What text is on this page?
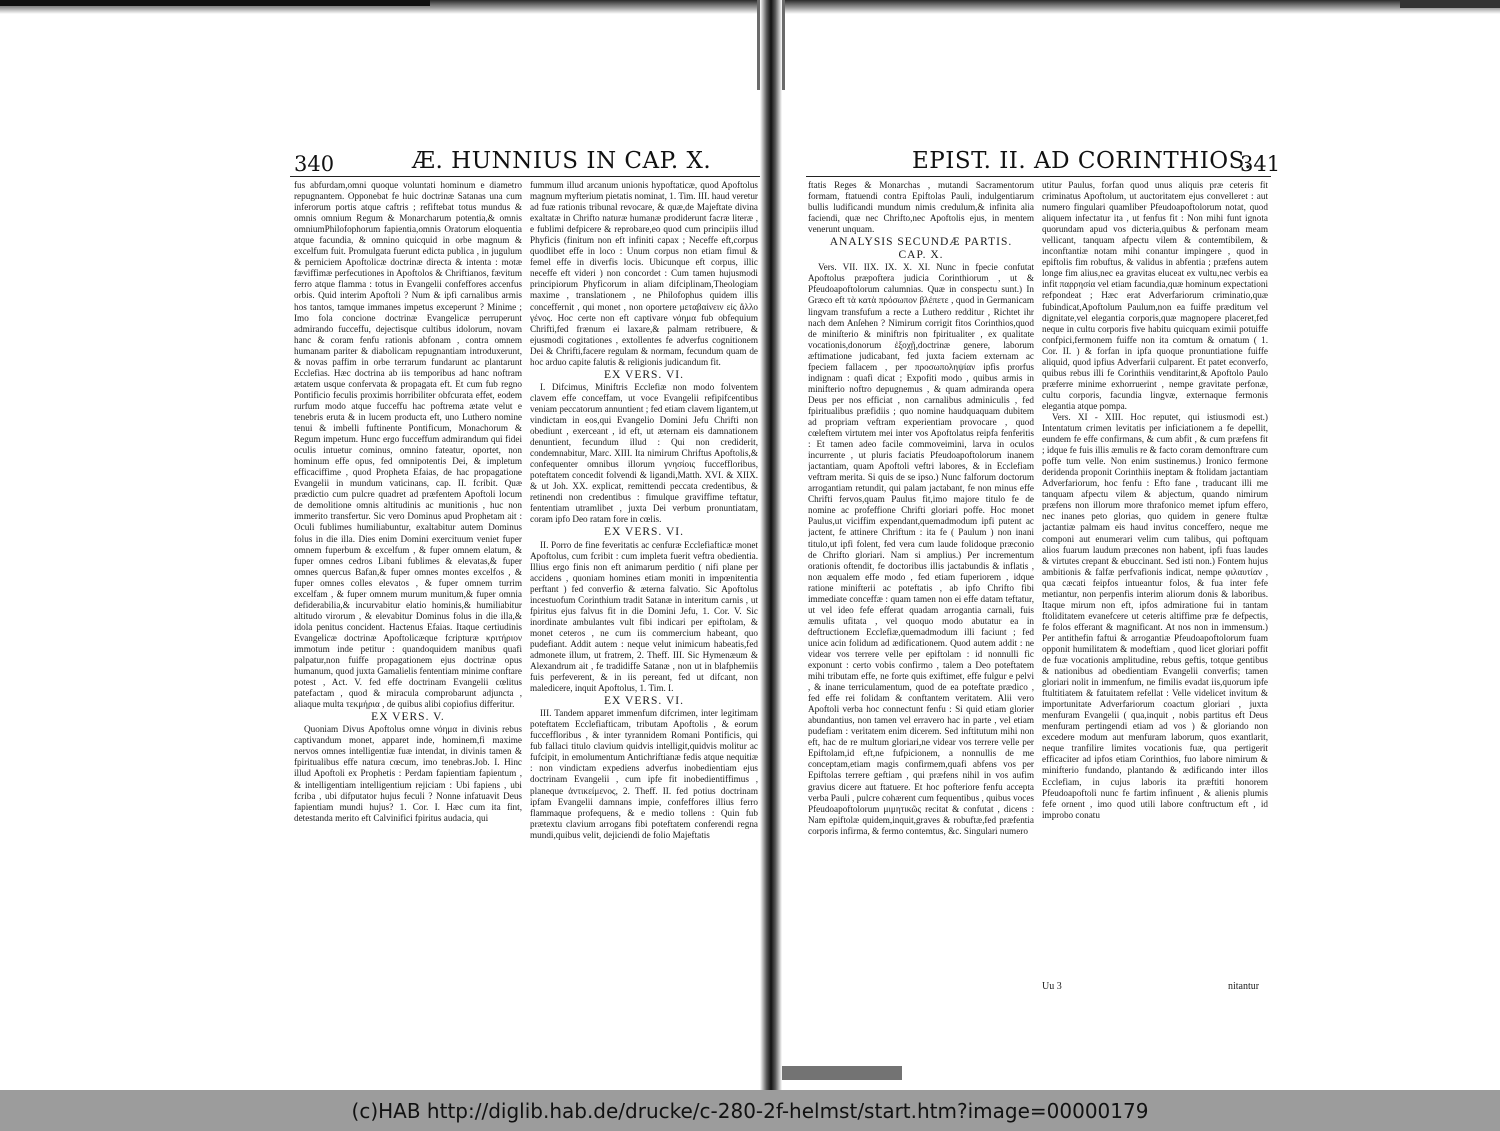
340	Æ. HUNNIUS IN CAP. X.

fus abfurdam,omni quoque voluntati hominum e diametro repugnantem. Opponebat fe huic doctrinæ Satanas una cum inferorum portis atque caftris ; refiftebat totus mundus & omnis omnium Regum & Monarcharum potentia,& omnis omniumPhilofophorum fapientia,omnis Oratorum eloquentia atque facundia, & omnino quicquid in orbe magnum & excelfum fuit. Promulgata fuerunt edicta publica , in jugulum & perniciem Apoftolicæ doctrinæ directa & intenta : motæ fæviffimæ perfecutiones in Apoftolos & Chriftianos, fævitum ferro atque flamma : totus in Evangelii confeffores accenfus orbis. Quid interim Apoftoli ? Num & ipfi carnalibus armis hos tantos, tamque immanes impetus exceperunt ? Minime ; Imo fola concione doctrinæ Evangelicæ perruperunt admirando fucceffu, dejectisque cultibus idolorum, novam hanc & coram fenfu rationis abfonam , contra omnem humanam pariter & diabolicam repugnantiam introduxerunt, & novas paffim in orbe terrarum fundarunt ac plantarunt Ecclefias. Hæc doctrina ab iis temporibus ad hanc noftram ætatem usque confervata & propagata eft. Et cum fub regno Pontificio feculis proximis horribiliter obfcurata effet, eodem rurfum modo atque fucceffu hac poftrema ætate velut e tenebris eruta & in lucem producta eft, uno Luthero nomine tenui & imbelli fuftinente Pontificum, Monachorum & Regum impetum. Hunc ergo fucceffum admirandum qui fidei oculis intuetur cominus, omnino fateatur, oportet, non hominum effe opus, fed omnipotentis Dei, & impletum efficaciffime , quod Propheta Efaias, de hac propagatione Evangelii in mundum vaticinans, cap. II. fcribit. Quæ prædictio cum pulcre quadret ad præfentem Apoftoli locum de demolitione omnis altitudinis ac munitionis , huc non immerito transfertur. Sic vero Dominus apud Prophetam ait : Oculi fublimes humiliabuntur, exaltabitur autem Dominus folus in die illa. Dies enim Domini exercituum veniet fuper omnem fuperbum & excelfum , & fuper omnem elatum, & fuper omnes cedros Libani fublimes & elevatas,& fuper omnes quercus Bafan,& fuper omnes montes excelfos , & fuper omnes colles elevatos , & fuper omnem turrim excelfam , & fuper omnem murum munitum,& fuper omnia defiderabilia,& incurvabitur elatio hominis,& humiliabitur altitudo virorum , & elevabitur Dominus folus in die illa,& idola penitus concident. Hactenus Efaias. Itaque certiudinis Evangelicæ doctrinæ Apoftolicæque fcripturæ κριτήριον immotum inde petitur : quandoquidem manibus quafi palpatur,non fuiffe propagationem ejus doctrinæ opus humanum, quod juxta Gamalielis fententiam minime conftare potest , Act. V. fed effe doctrinam Evangelii cœlitus patefactam , quod & miracula comprobarunt adjuncta , aliaque multa τεκμήρια , de quibus alibi copiofius differitur.

EX VERS. V.

Quoniam Divus Apoftolus omne νόημα in divinis rebus captivandum monet, apparet inde, hominem,fi maxime nervos omnes intelligentiæ fuæ intendat, in divinis tamen & fpiritualibus effe natura cœcum, imo tenebras.Job. I. Hinc illud Apoftoli ex Prophetis : Perdam fapientiam fapientum , & intelligentiam intelligentium rejiciam : Ubi fapiens , ubi fcriba , ubi difputator hujus feculi ? Nonne infatuavit Deus fapientiam mundi hujus? 1. Cor. I. Hæc cum ita fint, detestanda merito eft Calvinifici fpiritus audacia, qui

fummum illud arcanum unionis hypoftaticæ, quod Apoftolus magnum myfterium pietatis nominat, 1. Tim. III. haud veretur ad fuæ rationis tribunal revocare, & quæ,de Majeftate divina exaltatæ in Chrifto naturæ humanæ prodiderunt facræ literæ , e fublimi defpicere & reprobare,eo quod cum principiis illud Phyficis (finitum non eft infiniti capax ; Neceffe eft,corpus quodlibet effe in loco : Unum corpus non etiam fimul & femel effe in diverfis locis. Ubicunque eft corpus, illic neceffe eft videri ) non concordet : Cum tamen hujusmodi principiorum Phyficorum in aliam difciplinam,Theologiam maxime , translationem , ne Philofophus quidem illis conceffernit , qui monet , non oportere μεταβαίνειν εἰς ἄλλο γένος. Hoc certe non eft captivare νόημα fub obfequium Chrifti,fed frænum ei laxare,& palmam retribuere, & ejusmodi cogitationes , extollentes fe adverfus cognitionem Dei & Chrifti,facere regulam & normam, fecundum quam de hoc arduo capite falutis & religionis judicandum fit.

EX VERS. VI.

I. Difcimus, Miniftris Ecclefiæ non modo folventem clavem effe conceffam, ut voce Evangelii refipifcentibus veniam peccatorum annuntient ; fed etiam clavem ligantem,ut vindictam in eos,qui Evangelio Domini Jefu Chrifti non obediunt , exerceant , id eft, ut æternam eis damnationem denuntient, fecundum illud : Qui non crediderit, condemnabitur, Marc. XIII. Ita nimirum Chriftus Apoftolis,& confequenter omnibus illorum γνησίοις fucceffloribus, poteftatem concedit folvendi & ligandi,Matth. XVI. & XIIX. & ut Joh. XX. explicat, remittendi peccata credentibus, & retinendi non credentibus : fimulque graviffime teftatur, fententiam utramlibet , juxta Dei verbum pronuntiatam, coram ipfo Deo ratam fore in cœlis.

EX VERS. VI.

II. Porro de fine feveritatis ac cenfuræ Ecclefiafticæ monet Apoftolus, cum fcribit : cum impleta fuerit veftra obedientia. Illius ergo finis non eft animarum perditio ( nifi plane per accidens , quoniam homines etiam moniti in impœnitentia perftant ) fed converfio & æterna falvatio. Sic Apoftolus incestuofum Corinthium tradit Satanæ in interitum carnis , ut fpiritus ejus falvus fit in die Domini Jefu, 1. Cor. V. Sic inordinate ambulantes vult fibi indicari per epiftolam, & monet ceteros , ne cum iis commercium habeant, quo pudefiant. Addit autem : neque velut inimicum habeatis,fed admonete illum, ut fratrem, 2. Theff. III. Sic Hymenæum & Alexandrum ait , fe tradidiffe Satanæ , non ut in blafphemiis fuis perfeverent, & in iis pereant, fed ut difcant, non maledicere, inquit Apoftolus, 1. Tim. I.

EX VERS. VI.

III. Tandem apparet immenfum difcrimen, inter legitimam poteftatem Ecclefiafticam, tributam Apoftolis , & eorum fucceffloribus , & inter tyrannidem Romani Pontificis, qui fub fallaci titulo clavium quidvis intelligit,quidvis molitur ac fufcipit, in emolumentum Antichriftianæ fedis atque nequitiæ : non vindictam expediens adverfus inobedientiam ejus doctrinam Evangelii , cum ipfe fit inobedientiffimus , planeque ἀντικείμενος, 2. Theff. II. fed potius doctrinam ipfam Evangelii damnans impie, confeffores illius ferro flammaque profequens, & e medio tollens : Quin fub prætextu clavium arrogans fibi poteftatem conferendi regna mundi,quibus velit, dejiciendi de folio Majeftatis

EPIST. II. AD CORINTHIOS.
341

ftatis Reges & Monarchas , mutandi Sacramentorum formam, ftatuendi contra Epiftolas Pauli, indulgentiarum bullis ludificandi mundum nimis credulum,& infinita alia faciendi, quæ nec Chrifto,nec Apoftolis ejus, in mentem venerunt unquam.

ANALYSIS SECUNDÆ PARTIS.
CAP. X.

Vers. VII. IIX. IX. X. XI. Nunc in fpecie confutat Apoftolus præpoftera judicia Corinthiorum , ut & Pfeudoapoftolorum calumnias. Quæ in conspectu sunt.) In Græco eft τὰ κατὰ πρόσωπον βλέπετε , quod in Germanicam lingvam transfufum a recte a Luthero redditur , Richtet ihr nach dem Anſehen ? Nimirum corrigit fitos Corinthios,quod de miniſterio & miniftris non fpiritualiter , ex qualitate vocationis,donorum ἐξοχῇ,doctrinæ genere, laborum æftimatione judicabant, fed juxta faciem externam ac fpeciem fallacem , per προσωποληψίαν ipfis prorfus indignam : quafi dicat ; Expofiti modo , quibus armis in minifterio noftro depugnemus , & quam admiranda opera Deus per nos efficiat , non carnalibus adminiculis , fed fpiritualibus præfidiis ; quo nomine haudquaquam dubitem ad propriam veftram experientiam provocare , quod cœleftem virtutem mei inter vos Apoftolatus reipfa fenferitis : Et tamen adeo facile commoveimini, larva in oculos incurrente , ut pluris faciatis Pfeudoapoftolorum inanem jactantiam, quam Apoftoli veftri labores, & in Ecclefiam veftram merita. Si quis de se ipso.) Nunc falforum doctorum arrogantiam retundit, qui palam jactabant, fe non minus effe Chrifti fervos,quam Paulus fit,imo majore titulo fe de nomine ac profeffione Chrifti gloriari poffe. Hoc monet Paulus,ut viciffim expendant,quemadmodum ipfi putent ac jactent, fe attinere Chriftum : ita fe ( Paulum ) non inani titulo,ut ipfi folent, fed vera cum laude folidoque præconio de Chrifto gloriari. Nam si amplius.) Per incrementum orationis oftendit, fe doctoribus illis jactabundis & inflatis , non æqualem effe modo , fed etiam fuperiorem , idque ratione minifterii ac poteftatis , ab ipfo Chrifto fibi immediate conceffæ : quam tamen non ei effe datam teftatur, ut vel ideo fefe efferat quadam arrogantia carnali, fuis æmulis ufitata , vel quoquo modo abutatur ea in deftructionem Ecclefiæ,quemadmodum illi faciunt ; fed unice acin folidum ad ædificationem. Quod autem addit : ne videar vos terrere velle per epiftolam : id nonnulli fic exponunt : certo vobis confirmo , talem a Deo poteftatem mihi tributam effe, ne forte quis exiftimet, effe fulgur e pelvi , & inane terriculamentum, quod de ea poteftate prædico , fed effe rei folidam & conftantem veritatem. Alii vero Apoftoli verba hoc connectunt fenfu : Si quid etiam glorier abundantius, non tamen vel erravero hac in parte , vel etiam pudefiam : veritatem enim dicerem. Sed inftitutum mihi non eft, hac de re multum gloriari,ne videar vos terrere velle per Epiftolam,id eft,ne fufpicionem, a nonnullis de me conceptam,etiam magis confirmem,quafi abfens vos per Epiftolas terrere geftiam , qui præfens nihil in vos aufim gravius dicere aut ftatuere. Et hoc pofteriore fenfu accepta verba Pauli , pulcre cohærent cum fequentibus , quibus voces Pfeudoapoftolorum μιμητικῶς recitat & confutat , dicens : Nam epiftolæ quidem,inquit,graves & robuftæ,fed præfentia corporis infirma, & fermo contemtus, &c. Singulari numero

utitur Paulus, forfan quod unus aliquis præ ceteris fit criminatus Apoftolum, ut auctoritatem ejus convelleret : aut numero fingulari quamliber Pfeudoapoftolorum notat, quod aliquem infectatur ita , ut fenfus fit : Non mihi funt ignota quorundam apud vos dicteria,quibus & perfonam meam vellicant, tanquam afpectu vilem & contemtibilem, & inconftantiæ notam mihi conantur impingere , quod in epiftolis fim robuftus, & validus in abfentia ; præfens autem longe fim alius,nec ea gravitas eluceat ex vultu,nec verbis ea infit παρρησία vel etiam facundia,quæ hominum expectationi refpondeat ; Hæc erat Adverfariorum criminatio,quæ fubindicat,Apoftolum Paulum,non ea fuiffe præditum vel dignitate,vel elegantia corporis,quæ magnopere placeret,fed neque in cultu corporis five habitu quicquam eximii potuiffe confpici,fermonem fuiffe non ita comtum & ornatum ( 1. Cor. II. ) & forfan in ipfa quoque pronuntiatione fuiffe aliquid, quod ipfius Adverfarii culparent. Et patet econverfo, quibus rebus illi fe Corinthiis venditarint,& Apoftolo Paulo præferre minime exhorruerint , nempe gravitate perfonæ, cultu corporis, facundia lingvæ, externaque fermonis elegantia atque pompa.

Vers. XI - XIII. Hoc reputet, qui istiusmodi est.) Intentatum crimen levitatis per inficiationem a fe depellit, eundem fe effe confirmans, & cum abfit , & cum præfens fit ; idque fe fuis illis æmulis re & facto coram demonftrare cum poffe tum velle. Non enim sustinemus.) Ironico fermone deridenda proponit Corinthiis ineptam & ftolidam jactantiam Adverfariorum, hoc fenfu : Efto fane , traducant illi me tanquam afpectu vilem & abjectum, quando nimirum præfens non illorum more thrafonico memet ipfum effero, nec inanes peto glorias, quo quidem in genere ftultæ jactantiæ palmam eis haud invitus conceffero, neque me componi aut enumerari velim cum talibus, qui poftquam alios fuarum laudum præcones non habent, ipfi fuas laudes & virtutes crepant & ebuccinant. Sed isti non.) Fontem hujus ambitionis & falfæ perfvafionis indicat, nempe φιλαυτίαν , qua cæcati feipfos intueantur folos, & fua inter fefe metiantur, non perpenfis interim aliorum donis & laboribus. Itaque mirum non eft, ipfos admiratione fui in tantam ftoliditatem evanefcere ut ceteris altiffime præ fe defpectis, fe folos efferant & magnificant. At nos non in immensum.) Per antithefin faftui & arrogantiæ Pfeudoapoftolorum fuam opponit humilitatem & modeftiam , quod licet gloriari poffit de fuæ vocationis amplitudine, rebus geftis, totque gentibus & nationibus ad obedientiam Evangelii converfis; tamen gloriari nolit in immenfum, ne fimilis evadat iis,quorum ipfe ftultitiatem & fatuitatem refellat : Velle videlicet invitum & importunitate Adverfariorum coactum gloriari , juxta menfuram Evangelii ( qua,inquit , nobis partitus eft Deus menfuram pertingendi etiam ad vos ) & gloriando non excedere modum aut menfuram laborum, quos exantlarit, neque tranfilire limites vocationis fuæ, qua pertigerit efficaciter ad ipfos etiam Corinthios, fuo labore nimirum & minifterio fundando, plantando & ædificando inter illos Ecclefiam, in cujus laboris ita præftiti honorem Pfeudoapoftoli nunc fe fartim infinuent , & alienis plumis fefe ornent , imo quod utili labore conftructum eft , id improbo conatu

Uu 3	nitantur
(c)HAB http://diglib.hab.de/drucke/c-280-2f-helmst/start.htm?image=00000179
